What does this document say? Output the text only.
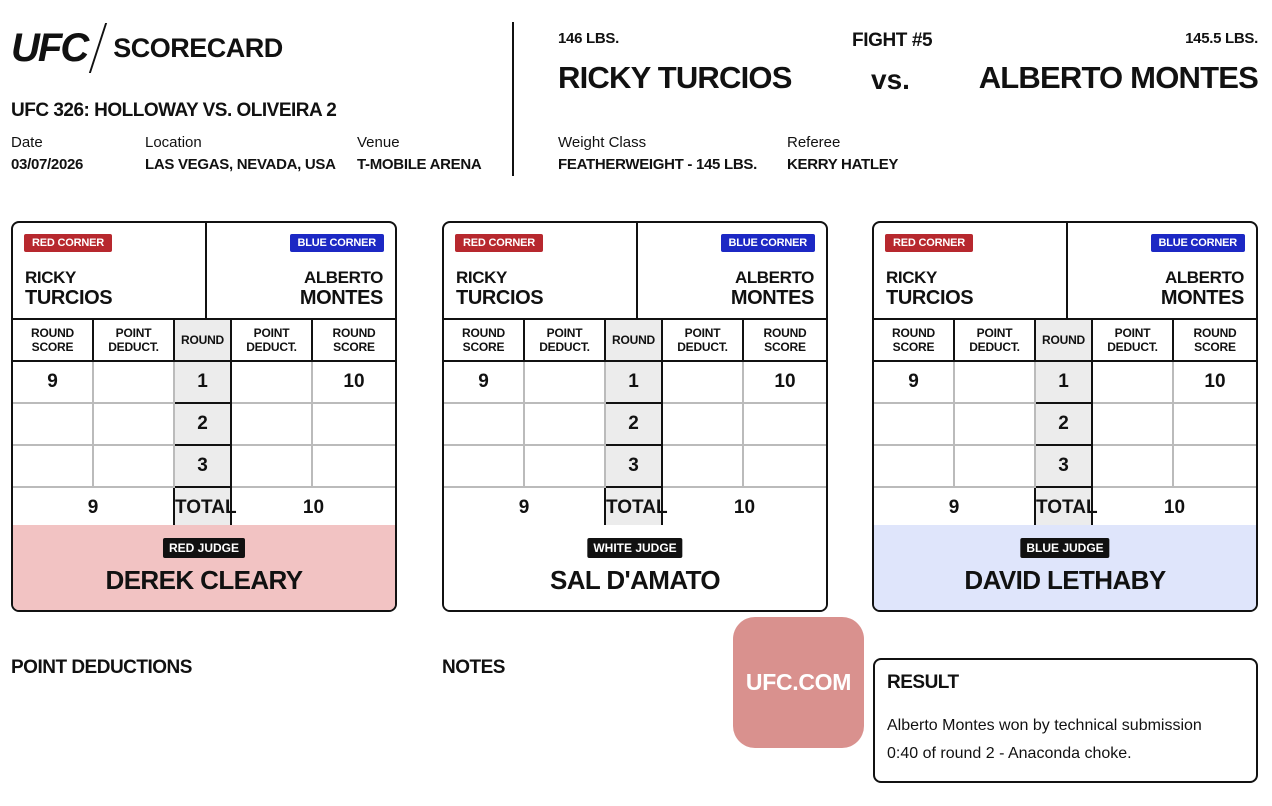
UFC SCORECARD
UFC 326: HOLLOWAY VS. OLIVEIRA 2
Date
03/07/2026
Location
LAS VEGAS, NEVADA, USA
Venue
T-MOBILE ARENA
146 LBS.	FIGHT #5	145.5 LBS.
RICKY TURCIOS	vs. ALBERTO MONTES
Weight Class
FEATHERWEIGHT - 145 LBS.
Referee
KERRY HATLEY
RED CORNER	BLUE CORNER
RICKY
TURCIOS
ALBERTO
MONTES
ROUND SCORE	POINT DEDUCT.	ROUND	POINT DEDUCT.	ROUND SCORE
9		1		10
		2		
		3		
9		TOTAL	10	
RED JUDGE
DEREK CLEARY
RED CORNER	BLUE CORNER
RICKY
TURCIOS
ALBERTO
MONTES
ROUND SCORE	POINT DEDUCT.	ROUND	POINT DEDUCT.	ROUND SCORE
9		1		10
		2		
		3		
9		TOTAL	10	
WHITE JUDGE
SAL D'AMATO
RED CORNER	BLUE CORNER
RICKY
TURCIOS
ALBERTO
MONTES
ROUND SCORE	POINT DEDUCT.	ROUND	POINT DEDUCT.	ROUND SCORE
9		1		10
		2		
		3		
9		TOTAL	10	
BLUE JUDGE
DAVID LETHABY
POINT DEDUCTIONS	NOTES
UFC.COM	RESULT
Alberto Montes won by technical submission
0:40 of round 2 - Anaconda choke.
